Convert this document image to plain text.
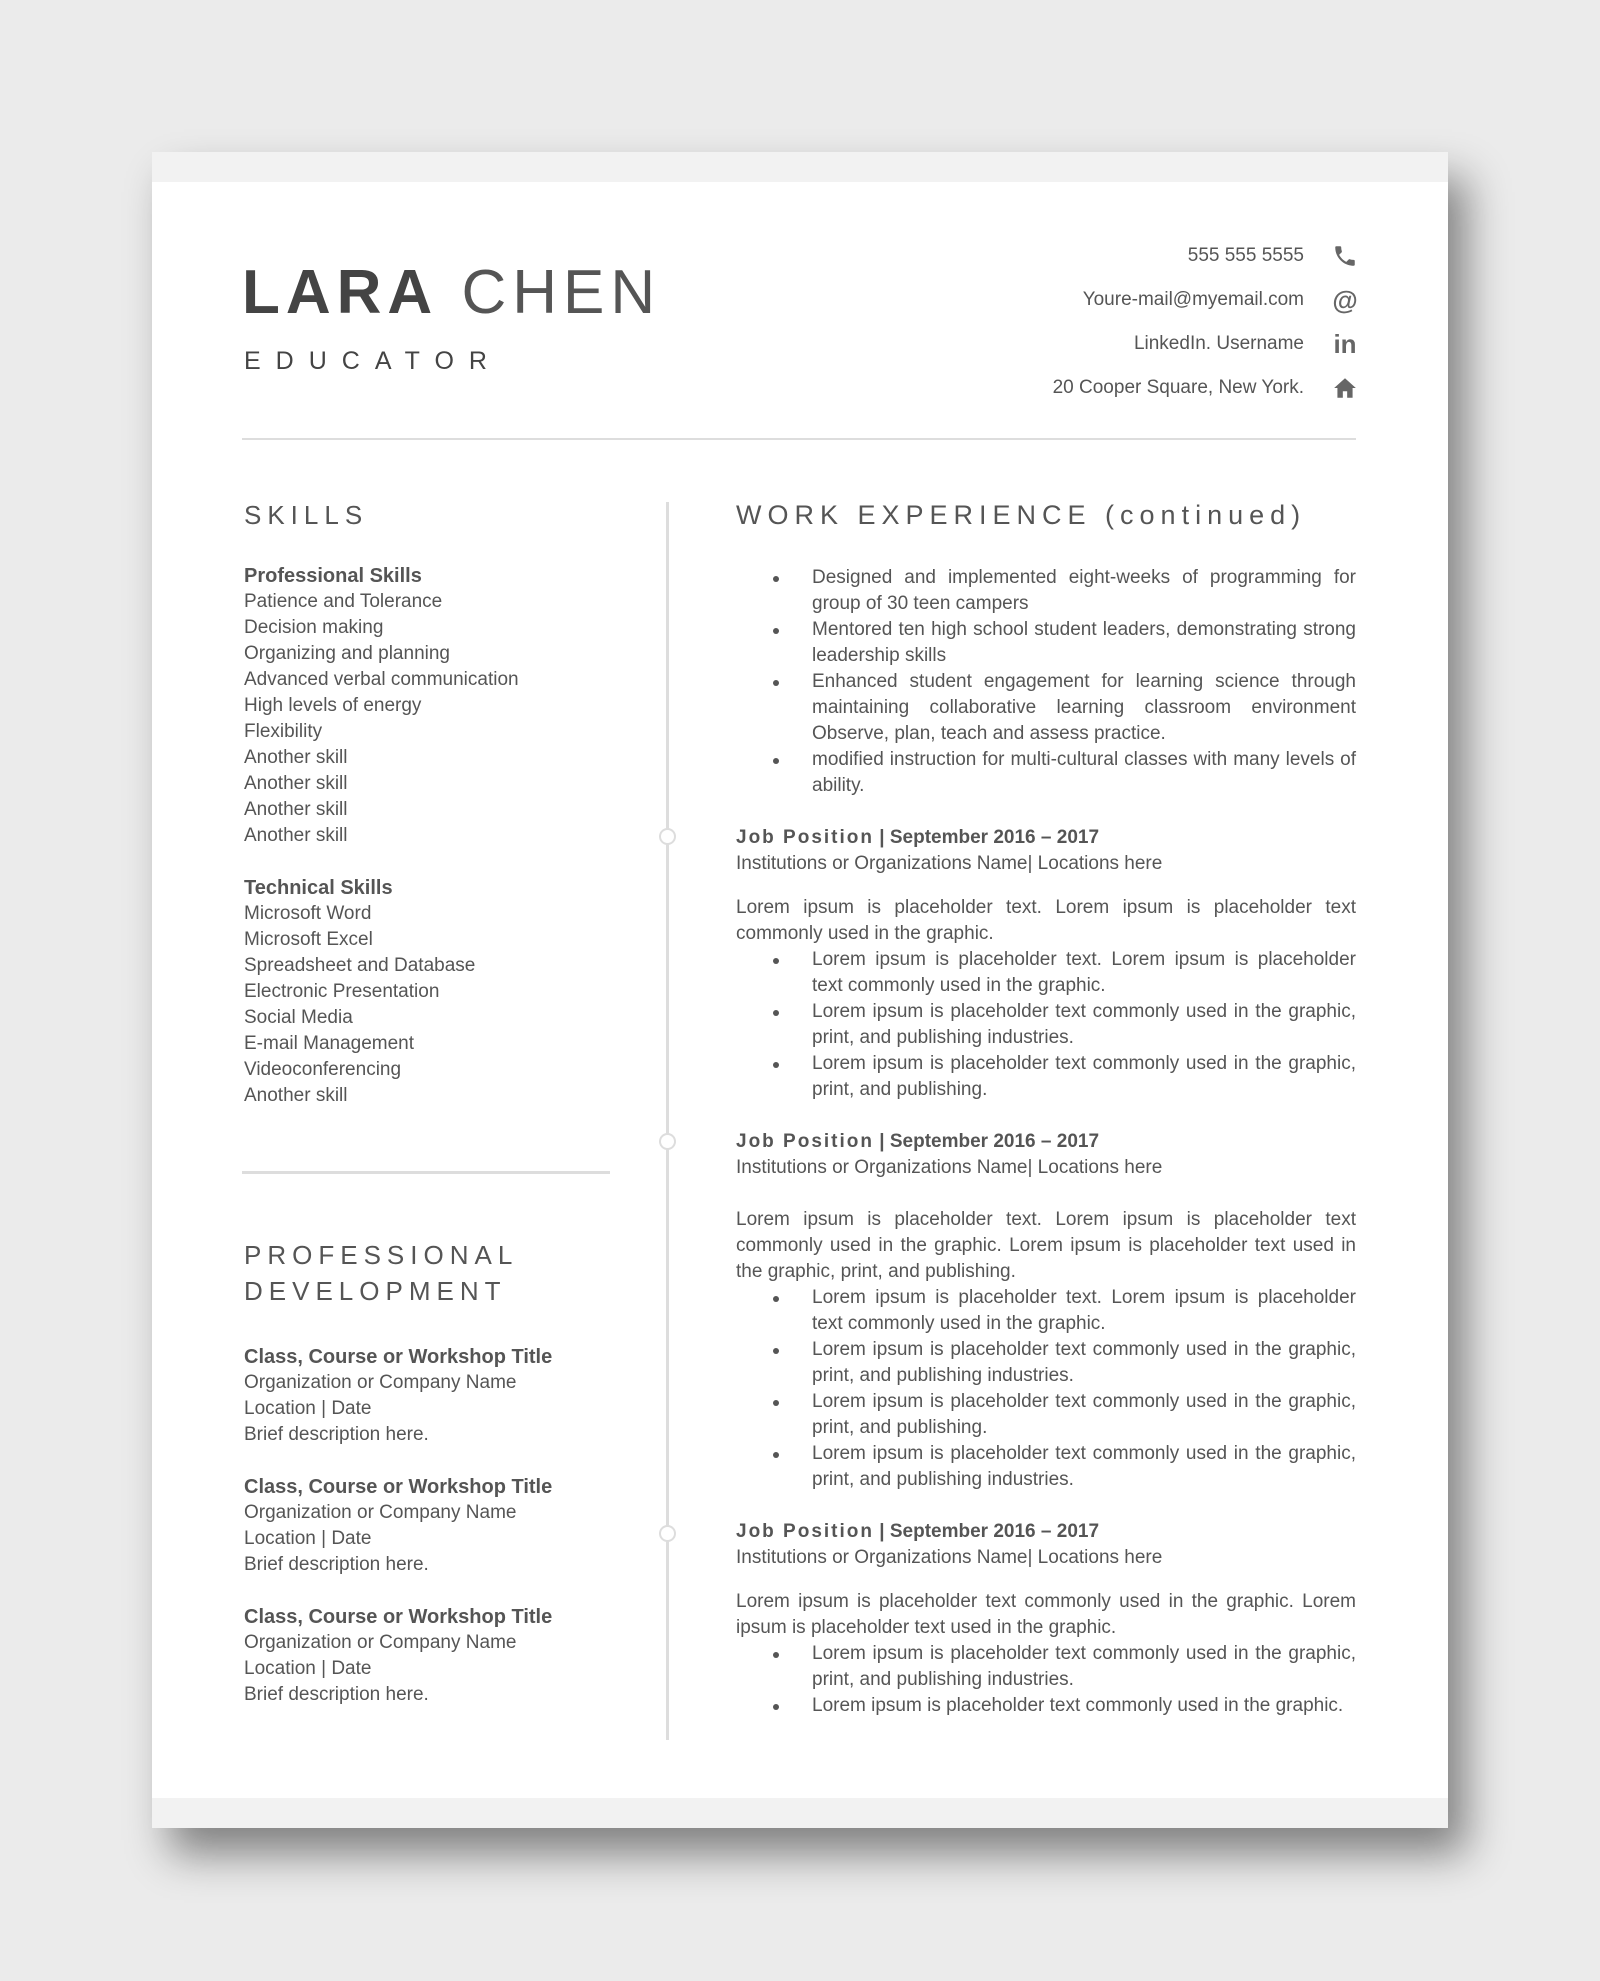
LARA CHEN
EDUCATOR
555 555 5555
Youre-mail@myemail.com @
LinkedIn. Username in
20 Cooper Square, New York.
SKILLS

Professional Skills

Patience and Tolerance
Decision making
Organizing and planning
Advanced verbal communication
High levels of energy
Flexibility
Another skill
Another skill
Another skill
Another skill

Technical Skills

Microsoft Word
Microsoft Excel
Spreadsheet and Database
Electronic Presentation
Social Media
E-mail Management
Videoconferencing
Another skill
PROFESSIONAL
DEVELOPMENT
Class, Course or Workshop Title
Organization or Company Name
Location | Date
Brief description here.
Class, Course or Workshop Title
Organization or Company Name
Location | Date
Brief description here.
Class, Course or Workshop Title
Organization or Company Name
Location | Date
Brief description here.
WORK EXPERIENCE (continued)
Designed and implemented eight-weeks of programming for group of 30 teen campers
Mentored ten high school student leaders, demonstrating strong leadership skills
Enhanced student engagement for learning science through maintaining collaborative learning classroom environment Observe, plan, teach and assess practice.
modified instruction for multi-cultural classes with many levels of ability.

Job Position | September 2016 – 2017

Institutions or Organizations Name| Locations here

Lorem ipsum is placeholder text. Lorem ipsum is placeholder text commonly used in the graphic.

Lorem ipsum is placeholder text. Lorem ipsum is placeholder text commonly used in the graphic.
Lorem ipsum is placeholder text commonly used in the graphic, print, and publishing industries.
Lorem ipsum is placeholder text commonly used in the graphic, print, and publishing.

Job Position | September 2016 – 2017

Institutions or Organizations Name| Locations here

Lorem ipsum is placeholder text. Lorem ipsum is placeholder text commonly used in the graphic. Lorem ipsum is placeholder text used in the graphic, print, and publishing.

Lorem ipsum is placeholder text. Lorem ipsum is placeholder text commonly used in the graphic.
Lorem ipsum is placeholder text commonly used in the graphic, print, and publishing industries.
Lorem ipsum is placeholder text commonly used in the graphic, print, and publishing.
Lorem ipsum is placeholder text commonly used in the graphic, print, and publishing industries.

Job Position | September 2016 – 2017

Institutions or Organizations Name| Locations here

Lorem ipsum is placeholder text commonly used in the graphic. Lorem ipsum is placeholder text used in the graphic.

Lorem ipsum is placeholder text commonly used in the graphic, print, and publishing industries.
Lorem ipsum is placeholder text commonly used in the graphic.
